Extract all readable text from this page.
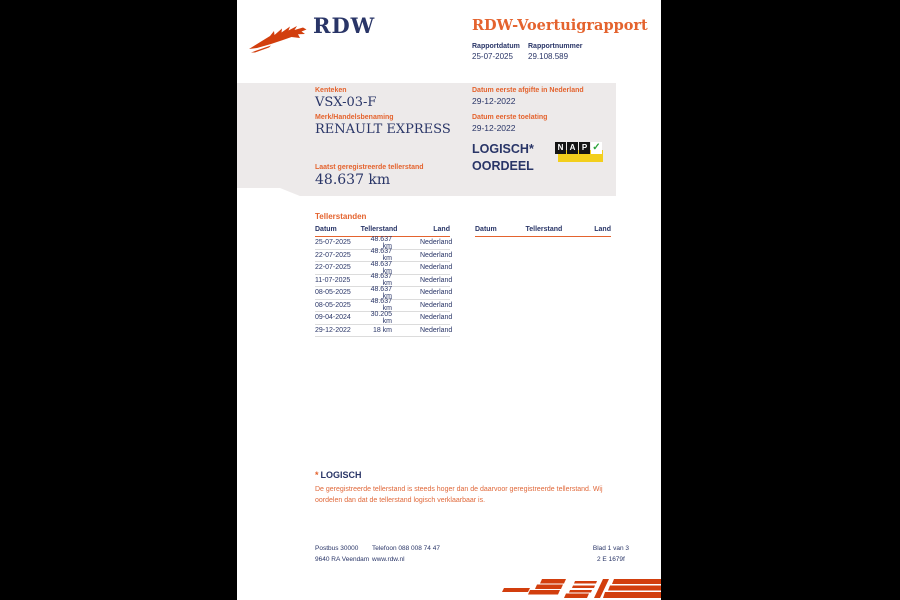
RDW	RDW-Voertuigrapport
Rapportdatum Rapportnummer
25-07-2025 29.108.589
Kenteken
VSX-03-F
Merk/Handelsbenaming
RENAULT EXPRESS
Laatst geregistreerde tellerstand
48.637 km
Datum eerste afgifte in Nederland
29-12-2022
Datum eerste toelating
29-12-2022
LOGISCH*
OORDEEL
N A P ✓
Tellerstanden
Datum	Tellerstand	Land
25-07-2025	48.637 km	Nederland
22-07-2025	48.637 km	Nederland
22-07-2025	48.637 km	Nederland
11-07-2025	48.637 km	Nederland
08-05-2025	48.637 km	Nederland
08-05-2025	48.637 km	Nederland
09-04-2024	30.205 km	Nederland
29-12-2022	18 km	Nederland
Datum	Tellerstand	Land
* LOGISCH
De geregistreerde tellerstand is steeds hoger dan de daarvoor geregistreerde tellerstand. Wij oordelen dan dat de tellerstand logisch verklaarbaar is.
Postbus 30000
9640 RA Veendam
Telefoon 088 008 74 47
www.rdw.nl
Blad 1 van 3
2 E 1679f
